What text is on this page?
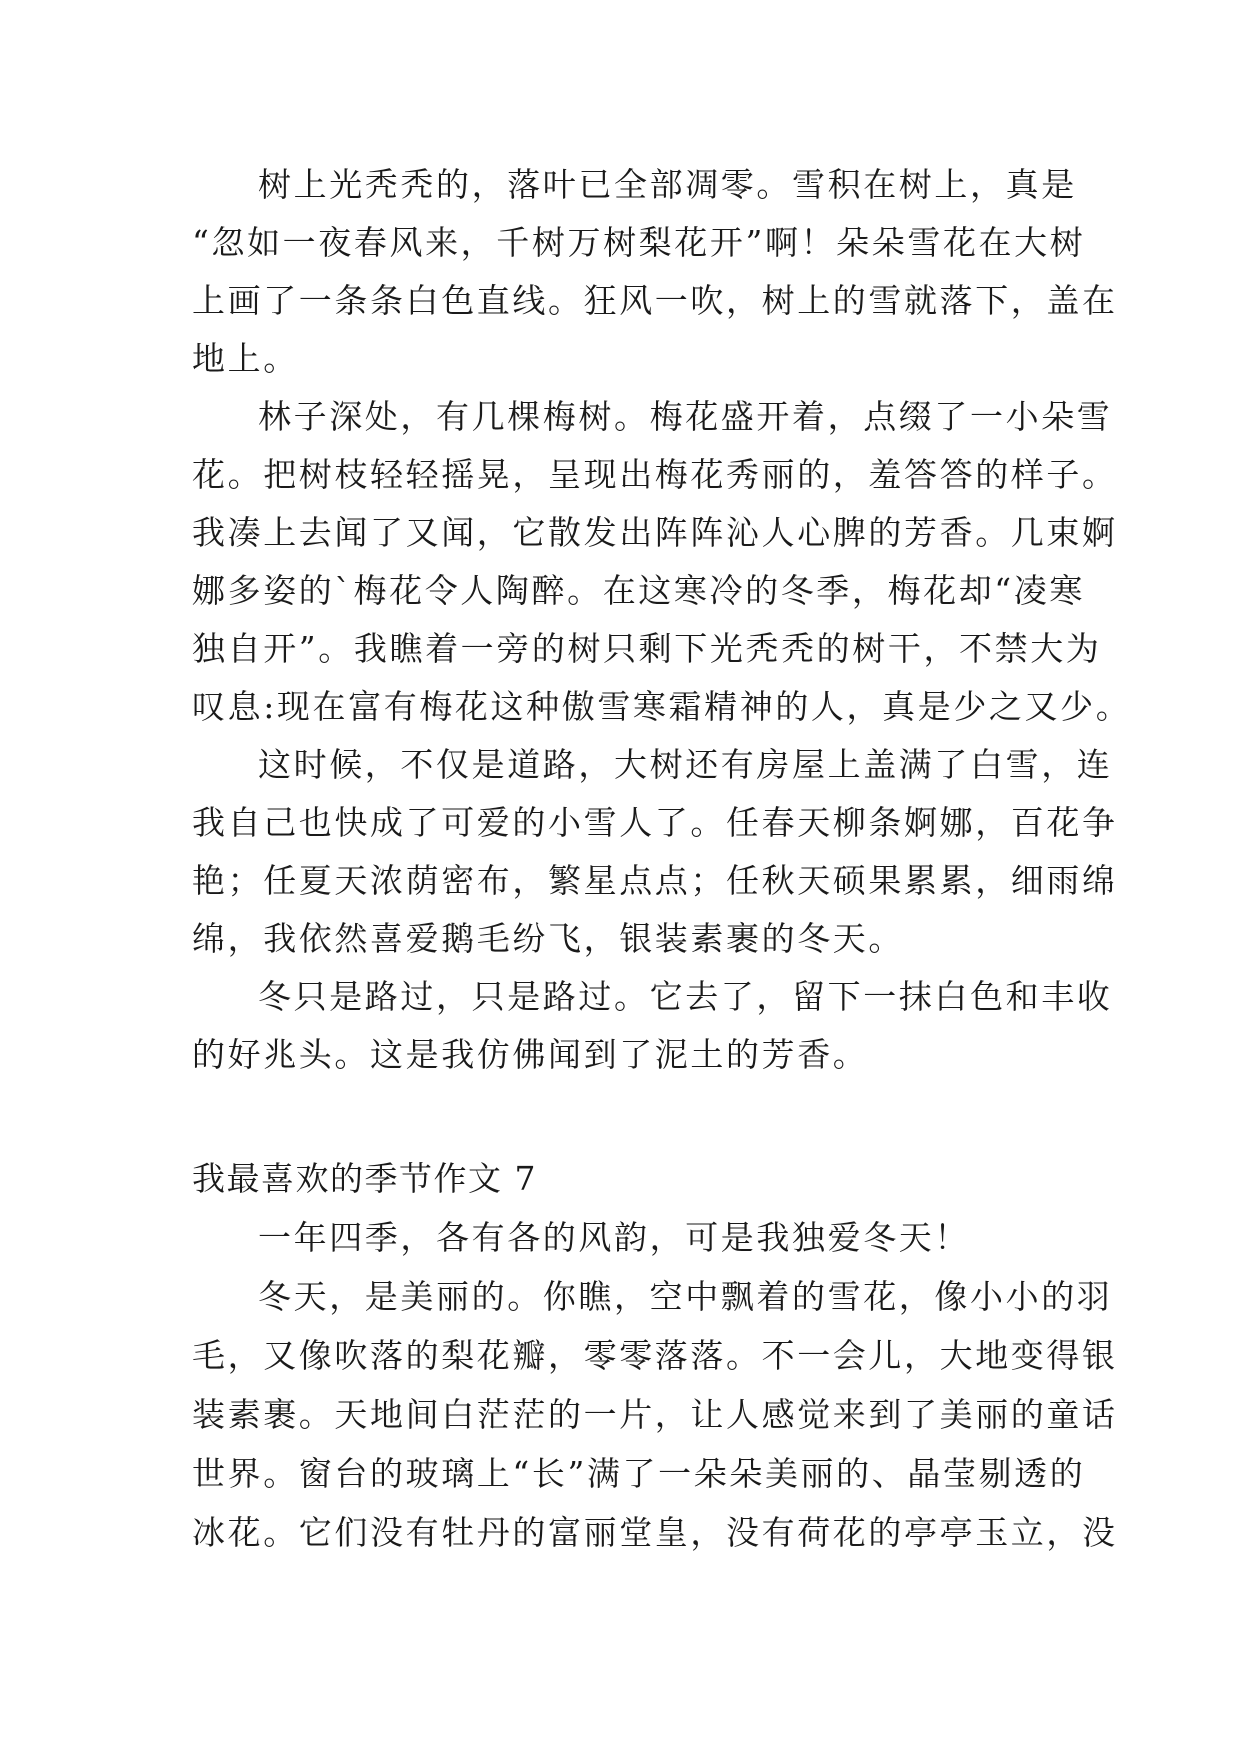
树上光秃秃的，落叶已全部凋零。雪积在树上，真是
“忽如一夜春风来，千树万树梨花开”啊！朵朵雪花在大树
上画了一条条白色直线。狂风一吹，树上的雪就落下，盖在
地上。
林子深处，有几棵梅树。梅花盛开着，点缀了一小朵雪
花。把树枝轻轻摇晃，呈现出梅花秀丽的，羞答答的样子。
我凑上去闻了又闻，它散发出阵阵沁人心脾的芳香。几束婀
娜多姿的`梅花令人陶醉。在这寒冷的冬季，梅花却“凌寒
独自开”。我瞧着一旁的树只剩下光秃秃的树干，不禁大为
叹息:现在富有梅花这种傲雪寒霜精神的人，真是少之又少。
这时候，不仅是道路，大树还有房屋上盖满了白雪，连
我自己也快成了可爱的小雪人了。任春天柳条婀娜，百花争
艳；任夏天浓荫密布，繁星点点；任秋天硕果累累，细雨绵
绵，我依然喜爱鹅毛纷飞，银装素裹的冬天。
冬只是路过，只是路过。它去了，留下一抹白色和丰收
的好兆头。这是我仿佛闻到了泥土的芳香。
我最喜欢的季节作文 7
一年四季，各有各的风韵，可是我独爱冬天！
冬天，是美丽的。你瞧，空中飘着的雪花，像小小的羽
毛，又像吹落的梨花瓣，零零落落。不一会儿，大地变得银
装素裹。天地间白茫茫的一片，让人感觉来到了美丽的童话
世界。窗台的玻璃上“长”满了一朵朵美丽的、晶莹剔透的
冰花。它们没有牡丹的富丽堂皇，没有荷花的亭亭玉立，没
